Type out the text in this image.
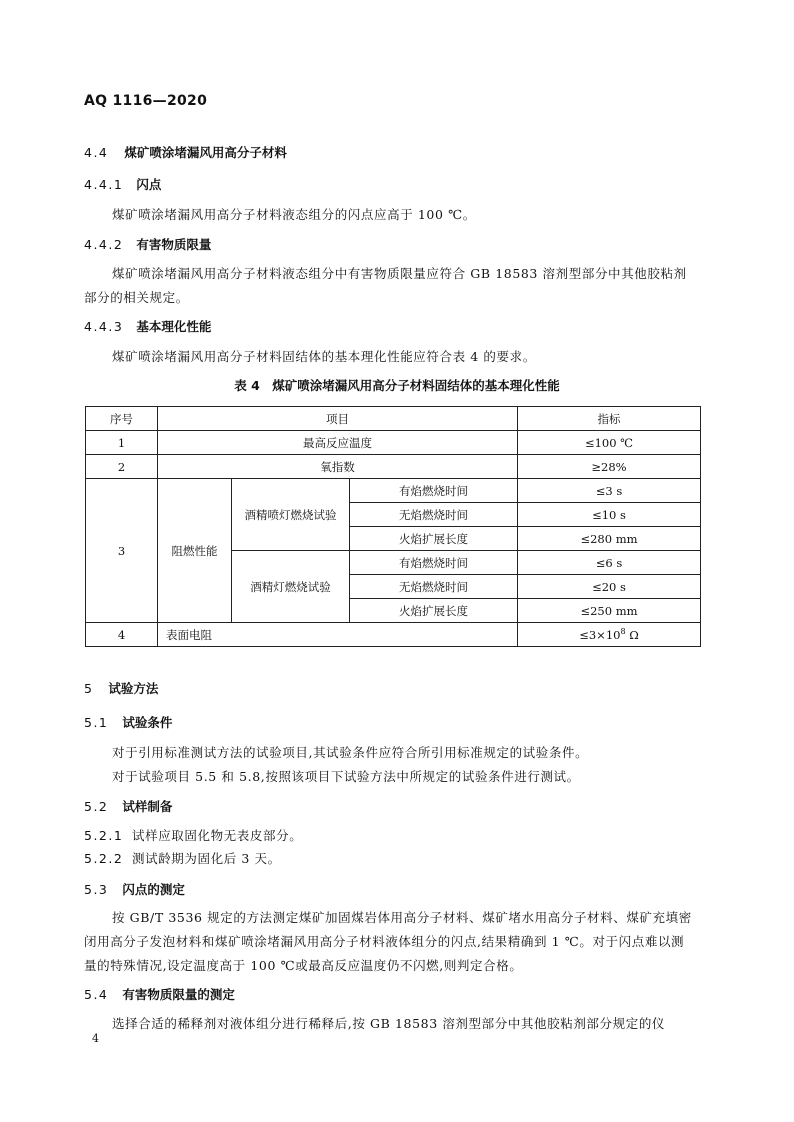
AQ 1116—2020
4.4 煤矿喷涂堵漏风用高分子材料
4.4.1 闪点
煤矿喷涂堵漏风用高分子材料液态组分的闪点应高于 100 ℃。
4.4.2 有害物质限量
煤矿喷涂堵漏风用高分子材料液态组分中有害物质限量应符合 GB 18583 溶剂型部分中其他胶粘剂部分的相关规定。
4.4.3 基本理化性能
煤矿喷涂堵漏风用高分子材料固结体的基本理化性能应符合表 4 的要求。
表 4　煤矿喷涂堵漏风用高分子材料固结体的基本理化性能
序号	项目			指标
1	最高反应温度			≤100 ℃
2	氧指数			≥28%
3	阻燃性能	酒精喷灯燃烧试验	有焰燃烧时间	≤3 s
			无焰燃烧时间	≤10 s
			火焰扩展长度	≤280 mm
		酒精灯燃烧试验	有焰燃烧时间	≤6 s
			无焰燃烧时间	≤20 s
			火焰扩展长度	≤250 mm
4	表面电阻			$\le 3\times 10^8$ Ω
5 试验方法
5.1 试验条件
对于引用标准测试方法的试验项目,其试验条件应符合所引用标准规定的试验条件。
对于试验项目 5.5 和 5.8,按照该项目下试验方法中所规定的试验条件进行测试。
5.2 试样制备
5.2.1 试样应取固化物无表皮部分。
5.2.2 测试龄期为固化后 3 天。
5.3 闪点的测定
按 GB/T 3536 规定的方法测定煤矿加固煤岩体用高分子材料、煤矿堵水用高分子材料、煤矿充填密闭用高分子发泡材料和煤矿喷涂堵漏风用高分子材料液体组分的闪点,结果精确到 1 ℃。对于闪点难以测量的特殊情况,设定温度高于 100 ℃或最高反应温度仍不闪燃,则判定合格。
5.4 有害物质限量的测定
选择合适的稀释剂对液体组分进行稀释后,按 GB 18583 溶剂型部分中其他胶粘剂部分规定的仪
4
